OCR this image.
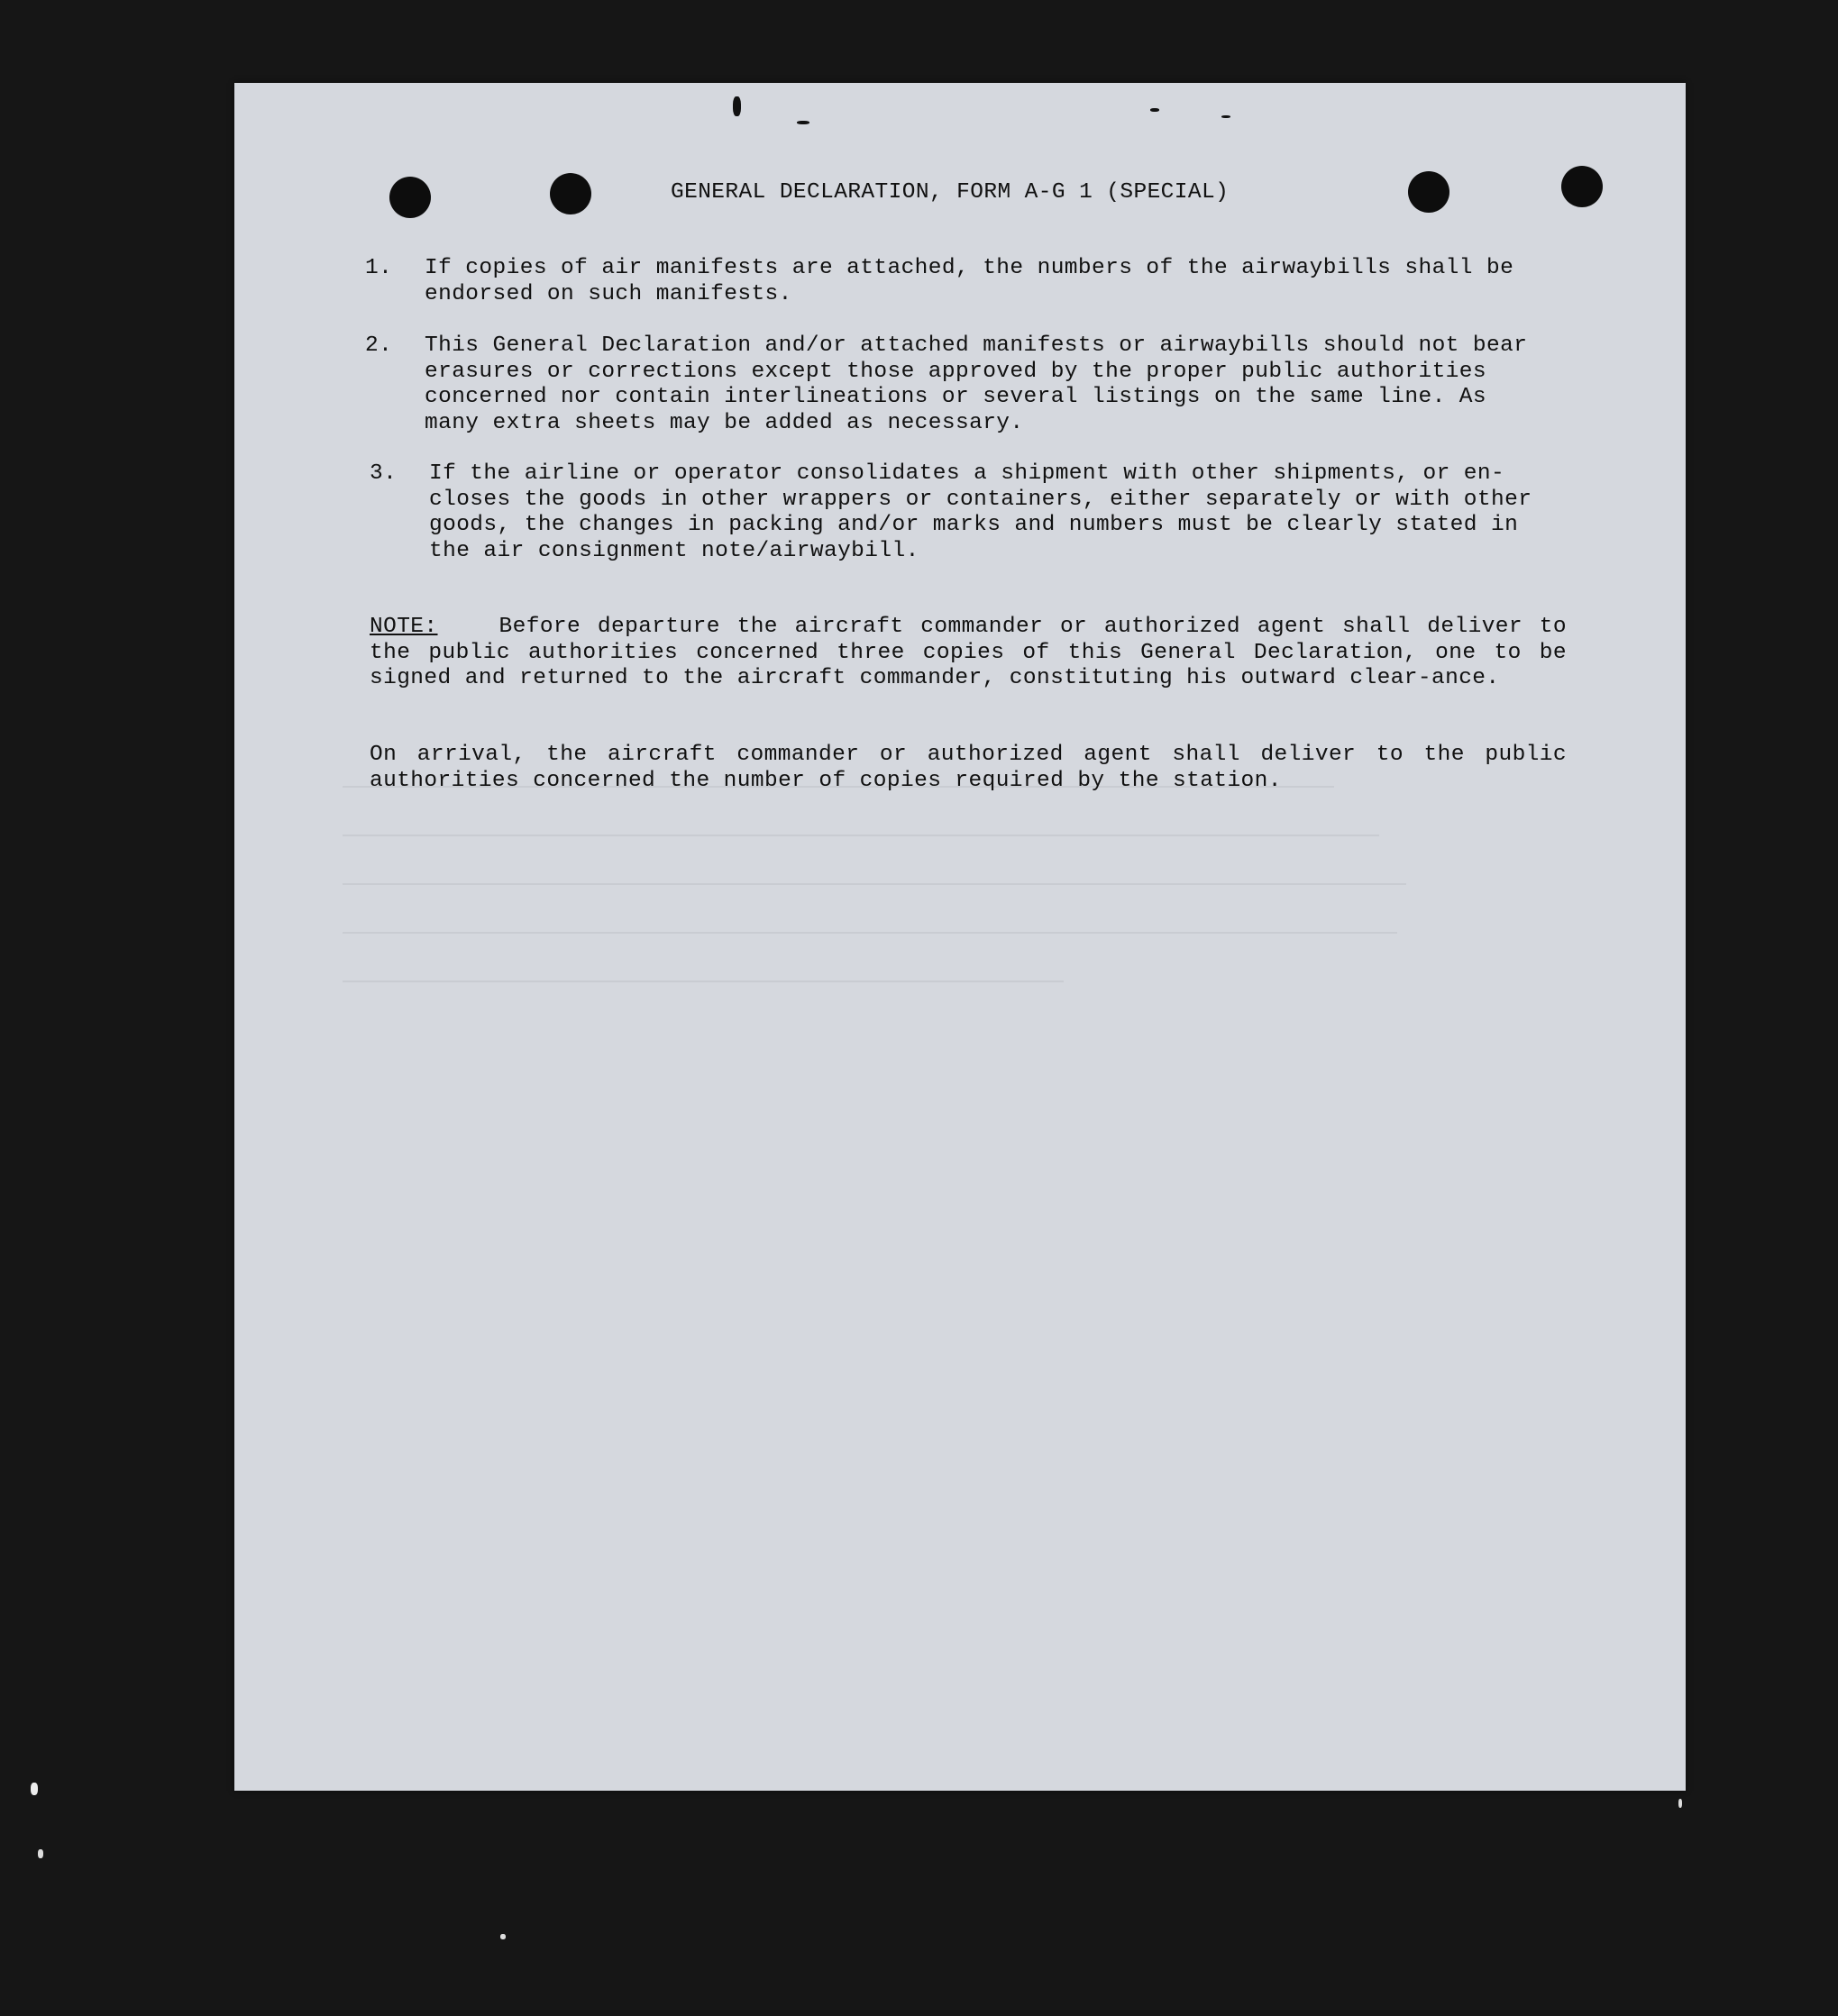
GENERAL DECLARATION, FORM A-G 1 (SPECIAL)
1.	If copies of air manifests are attached, the numbers of the airwaybills shall be
endorsed on such manifests.
2.	This General Declaration and/or attached manifests or airwaybills should not bear
erasures or corrections except those approved by the proper public authorities
concerned nor contain interlineations or several listings on the same line. As
many extra sheets may be added as necessary.
3.	If the airline or operator consolidates a shipment with other shipments, or en-
closes the goods in other wrappers or containers, either separately or with other
goods, the changes in packing and/or marks and numbers must be clearly stated in
the air consignment note/airwaybill.
NOTE:	Before departure the aircraft commander or authorized agent shall deliver to the public authorities concerned three copies of this General Declaration, one to be signed and returned to the aircraft commander, constituting his outward clear-ance.
On arrival, the aircraft commander or authorized agent shall deliver to the public authorities concerned the number of copies required by the station.
